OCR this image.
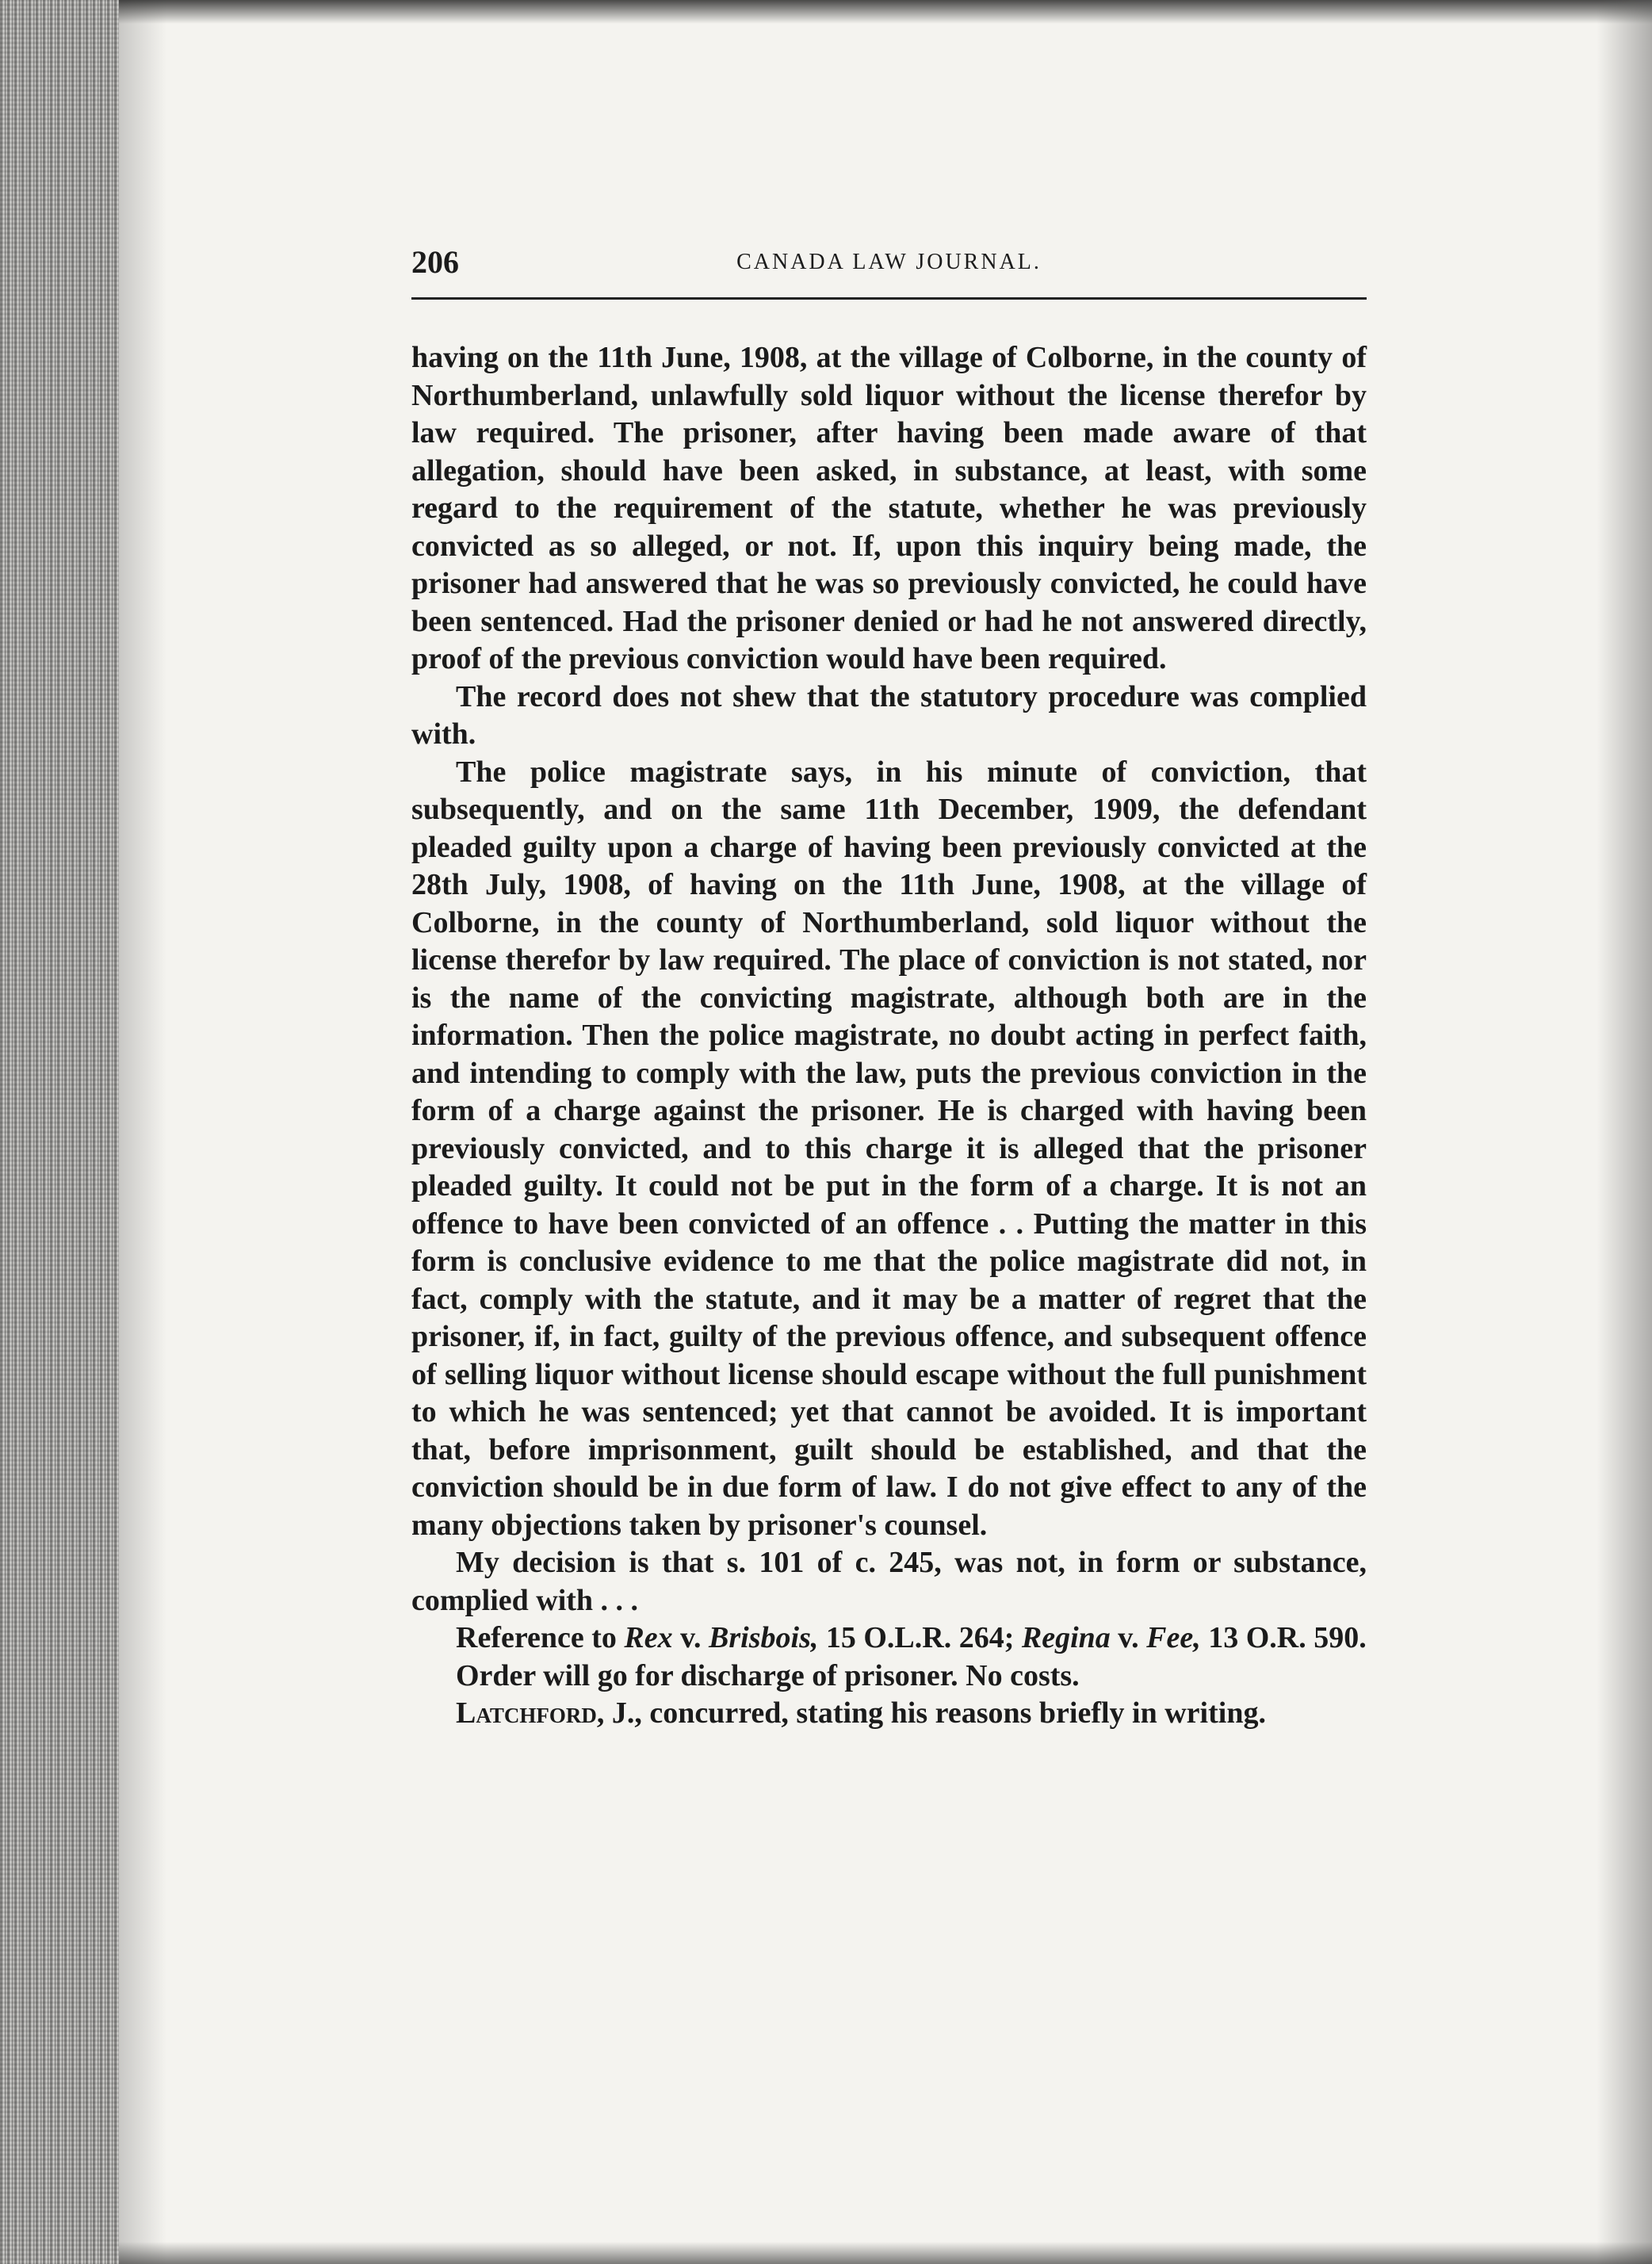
206	CANADA LAW JOURNAL.

having on the 11th June, 1908, at the village of Colborne, in the county of Northumberland, unlawfully sold liquor without the license therefor by law required. The prisoner, after having been made aware of that allegation, should have been asked, in substance, at least, with some regard to the requirement of the statute, whether he was previously convicted as so alleged, or not. If, upon this inquiry being made, the prisoner had answered that he was so previously convicted, he could have been sentenced. Had the prisoner denied or had he not answered directly, proof of the previous conviction would have been required.

The record does not shew that the statutory procedure was complied with.

The police magistrate says, in his minute of conviction, that subsequently, and on the same 11th December, 1909, the defendant pleaded guilty upon a charge of having been previously convicted at the 28th July, 1908, of having on the 11th June, 1908, at the village of Colborne, in the county of Northumberland, sold liquor without the license therefor by law required. The place of conviction is not stated, nor is the name of the convicting magistrate, although both are in the information. Then the police magistrate, no doubt acting in perfect faith, and intending to comply with the law, puts the previous conviction in the form of a charge against the prisoner. He is charged with having been previously convicted, and to this charge it is alleged that the prisoner pleaded guilty. It could not be put in the form of a charge. It is not an offence to have been convicted of an offence . . Putting the matter in this form is conclusive evidence to me that the police magistrate did not, in fact, comply with the statute, and it may be a matter of regret that the prisoner, if, in fact, guilty of the previous offence, and subsequent offence of selling liquor without license should escape without the full punishment to which he was sentenced; yet that cannot be avoided. It is important that, before imprisonment, guilt should be established, and that the conviction should be in due form of law. I do not give effect to any of the many objections taken by prisoner's counsel.

My decision is that s. 101 of c. 245, was not, in form or substance, complied with . . .

Reference to Rex v. Brisbois, 15 O.L.R. 264; Regina v. Fee, 13 O.R. 590.

Order will go for discharge of prisoner. No costs.

Latchford, J., concurred, stating his reasons briefly in writing.
